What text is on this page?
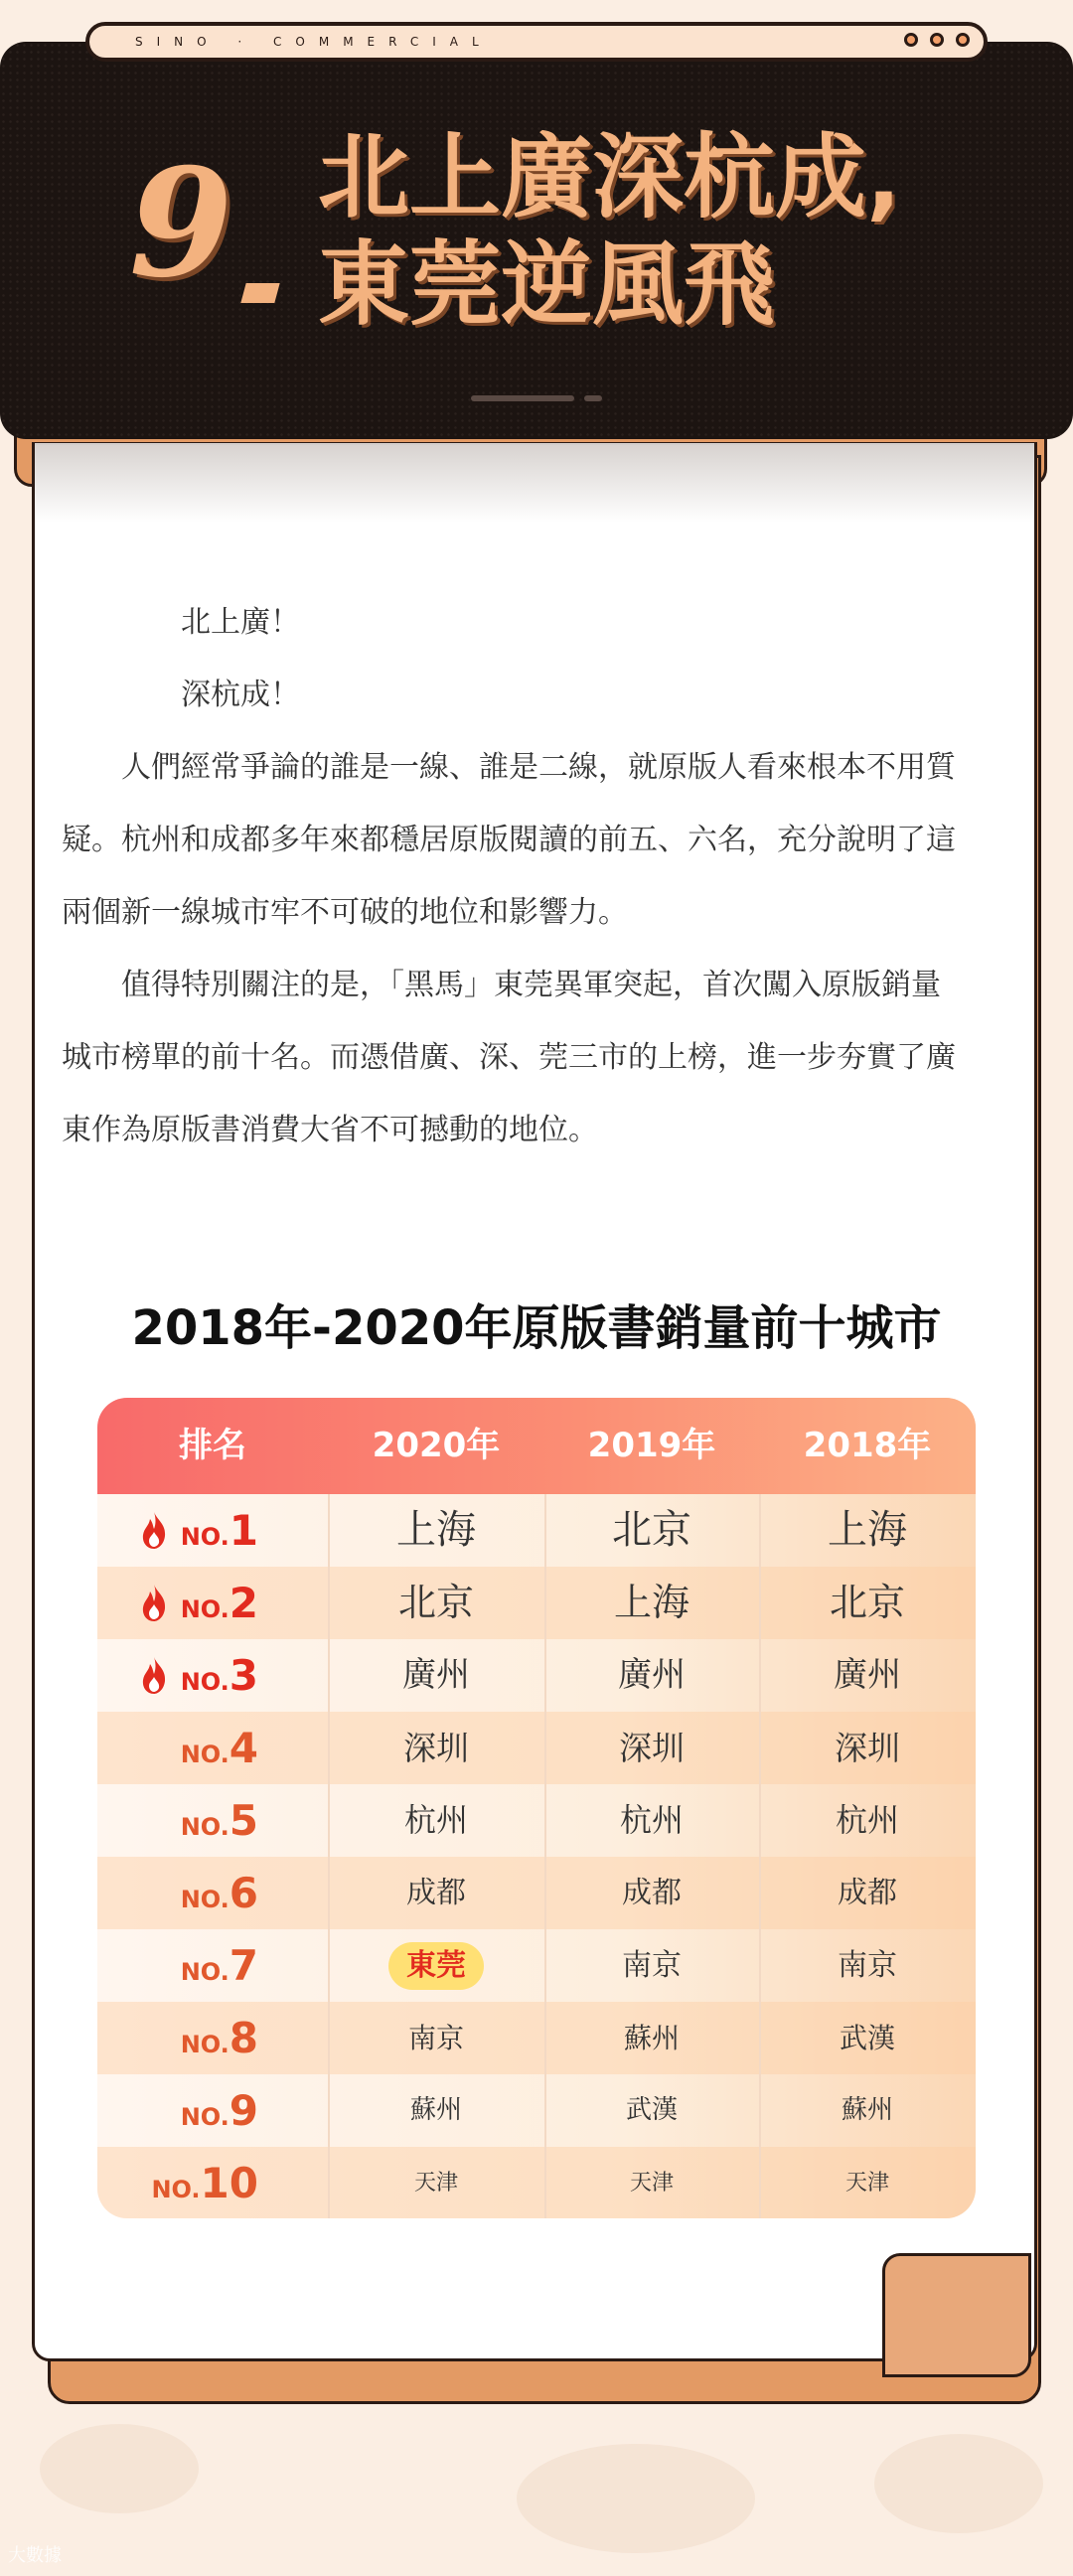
SINO · COMMERCIAL
9 北上廣深杭成,
東莞逆風飛

北上廣！

深杭成！

人們經常爭論的誰是一線、誰是二線，就原版人看來根本不用質疑。杭州和成都多年來都穩居原版閱讀的前五、六名，充分說明了這兩個新一線城市牢不可破的地位和影響力。

值得特別關注的是，「黑馬」東莞異軍突起，首次闖入原版銷量城市榜單的前十名。而憑借廣、深、莞三市的上榜，進一步夯實了廣東作為原版書消費大省不可撼動的地位。

2018年-2020年原版書銷量前十城市
排名	2020年	2019年	2018年
NO.1	上海	北京	上海
NO.2	北京	上海	北京
NO.3	廣州	廣州	廣州
NO.4	深圳	深圳	深圳
NO.5	杭州	杭州	杭州
NO.6	成都	成都	成都
NO.7	東莞	南京	南京
NO.8	南京	蘇州	武漢
NO.9	蘇州	武漢	蘇州
NO.10	天津	天津	天津
大數據
